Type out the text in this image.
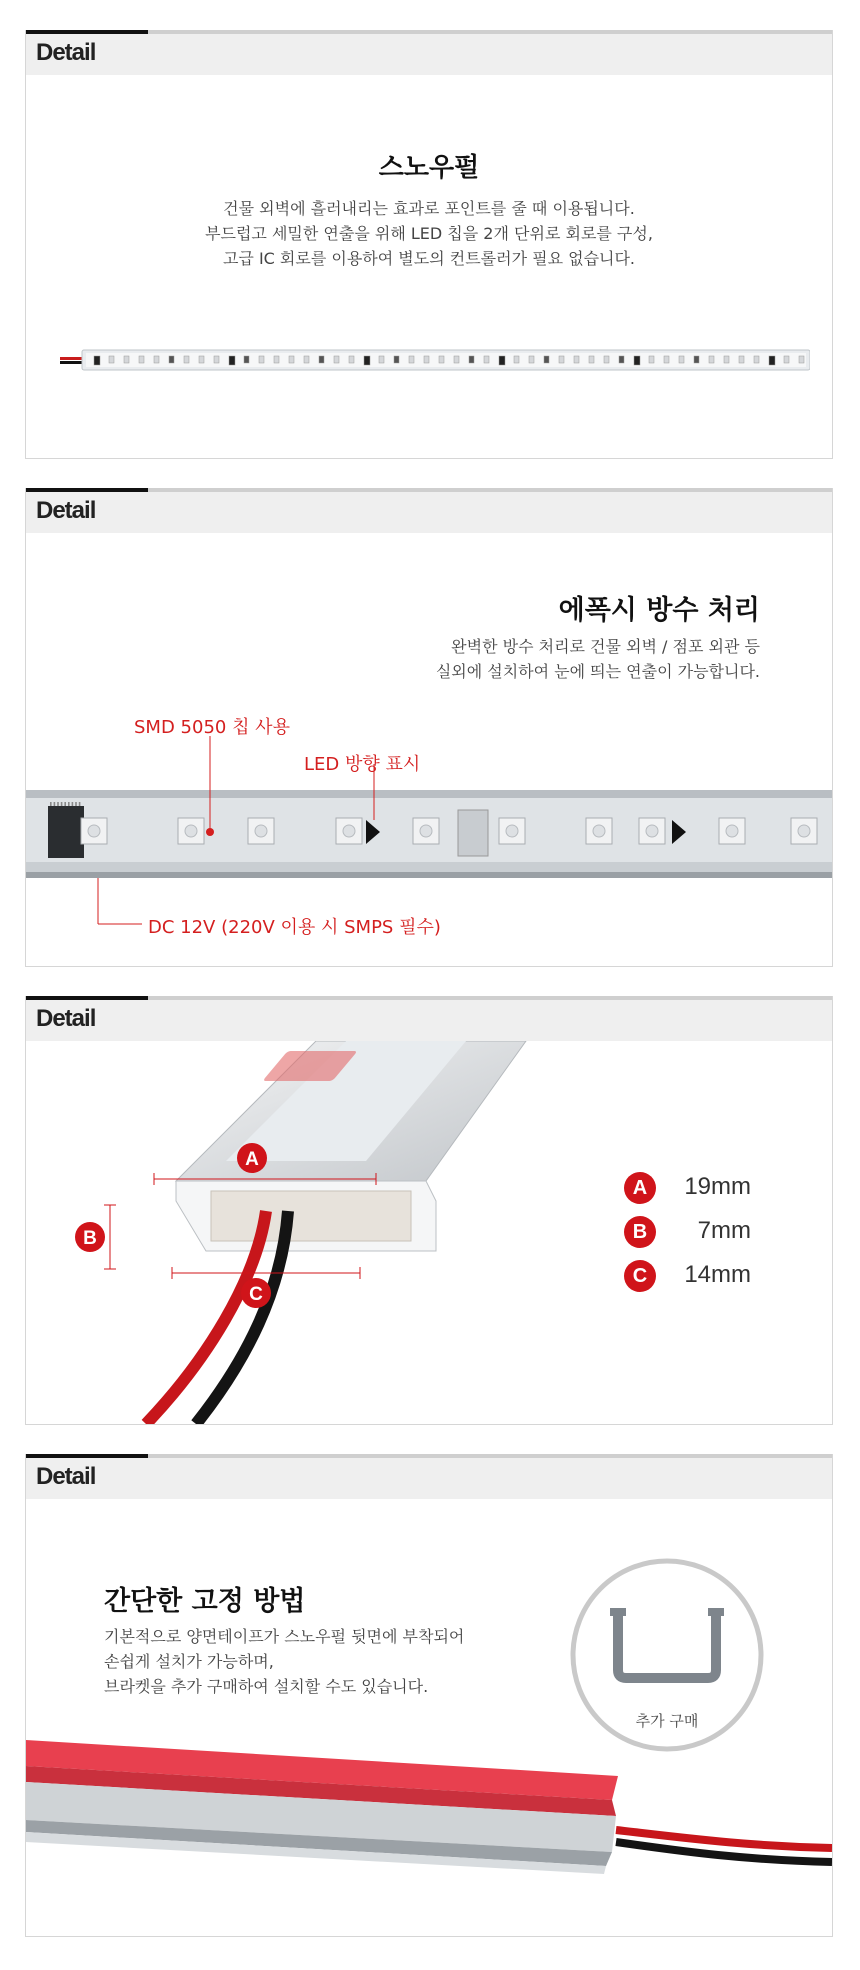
Detail
스노우펄
건물 외벽에 흘러내리는 효과로 포인트를 줄 때 이용됩니다.
부드럽고 세밀한 연출을 위해 LED 칩을 2개 단위로 회로를 구성,
고급 IC 회로를 이용하여 별도의 컨트롤러가 필요 없습니다.
Detail
에폭시 방수 처리
완벽한 방수 처리로 건물 외벽 / 점포 외관 등
실외에 설치하여 눈에 띄는 연출이 가능합니다.
SMD 5050 칩 사용
LED 방향 표시
DC 12V (220V 이용 시 SMPS 필수)
Detail
A
B
C
A	19mm
B	7mm
C	14mm
Detail
간단한 고정 방법
기본적으로 양면테이프가 스노우펄 뒷면에 부착되어
손쉽게 설치가 가능하며,
브라켓을 추가 구매하여 설치할 수도 있습니다.
추가 구매
